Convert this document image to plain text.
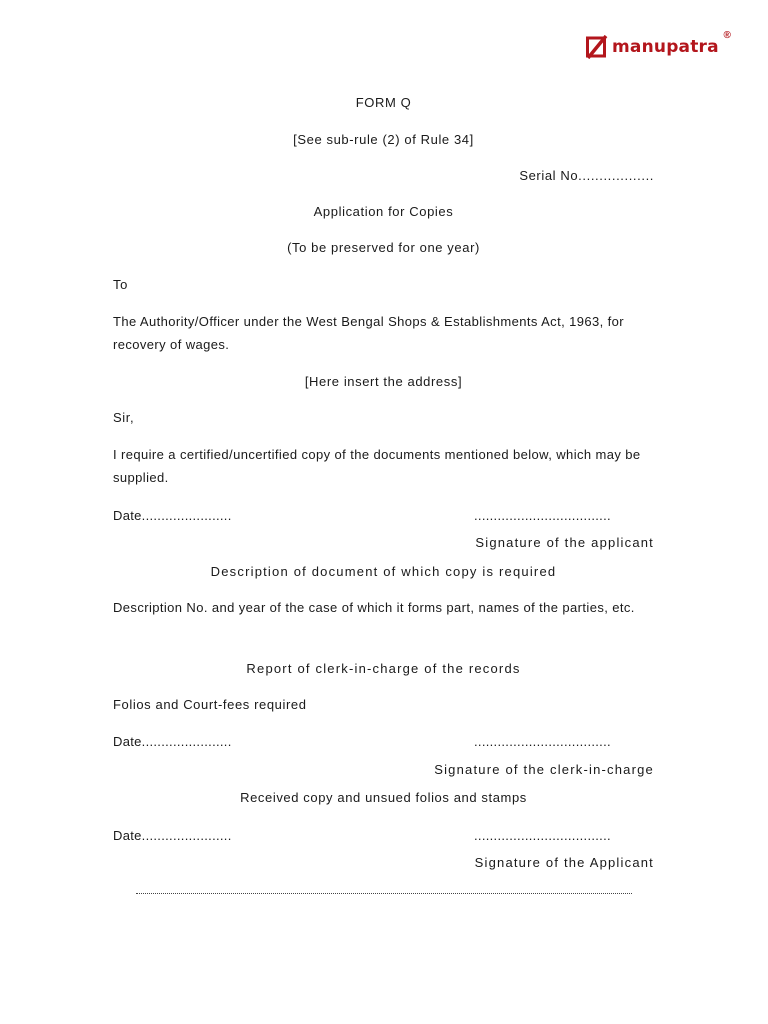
manupatra
®
FORM Q
[See sub-rule (2) of Rule 34]
Serial No..................
Application for Copies
(To be preserved for one year)
To
The Authority/Officer under the West Bengal Shops & Establishments Act, 1963, for recovery of wages.
[Here insert the address]
Sir,
I require a certified/uncertified copy of the documents mentioned below, which may be supplied.
Date.......................	...................................
Signature of the applicant
Description of document of which copy is required
Description No. and year of the case of which it forms part, names of the parties, etc.
Report of clerk-in-charge of the records
Folios and Court-fees required
Date.......................	...................................
Signature of the clerk-in-charge
Received copy and unsued folios and stamps
Date.......................	...................................
Signature of the Applicant
